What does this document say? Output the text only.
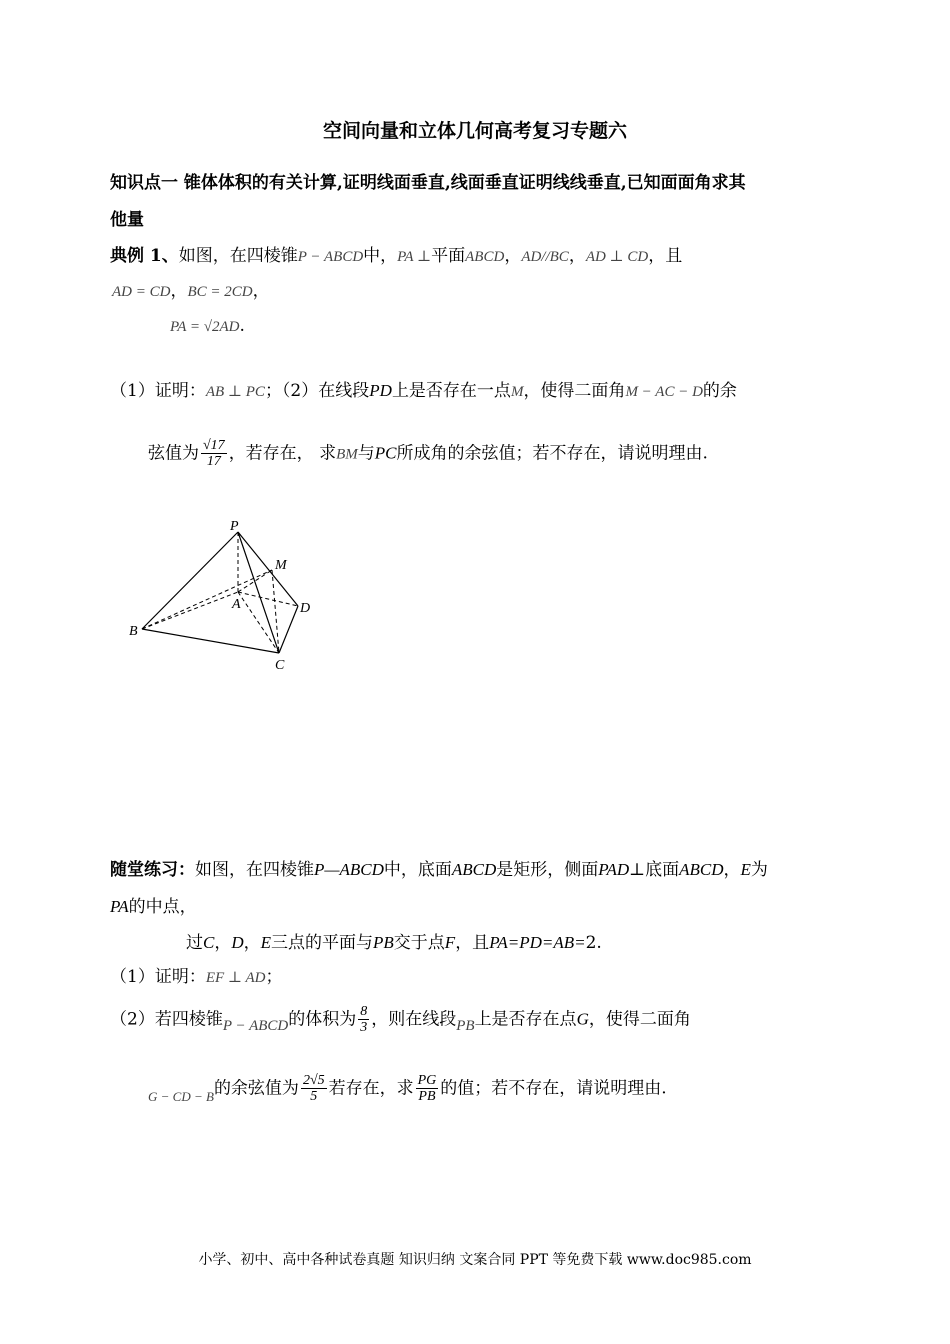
空间向量和立体几何高考复习专题六
知识点一 锥体体积的有关计算,证明线面垂直,线面垂直证明线线垂直,已知面面角求其
他量
典例 1、如图，在四棱锥P − ABCD中，PA ⊥平面ABCD，AD//BC，AD ⊥ CD，且
AD = CD，BC = 2CD，
PA = √2AD.
（1）证明：AB ⊥ PC；（2）在线段PD上是否存在一点M，使得二面角M − AC − D的余
弦值为 $\frac{√17}{17}$ ，若存在， 求BM与PC所成角的余弦值；若不存在，请说明理由.
P
M
A	D
B
C
随堂练习：如图，在四棱锥P—ABCD中，底面ABCD是矩形，侧面PAD⊥底面ABCD，E为
PA的中点，
过C，D，E三点的平面与PB交于点F，且PA=PD=AB=2.
（1）证明：EF ⊥ AD；
（2）若四棱锥P − ABCD的体积为 $\frac{8}{3}$ ，则在线段PB上是否存在点G，使得二面角
$_{G - CD - B}$的余弦值为 $\frac{2√5}{5}$ 若存在，求 $\frac{PG}{PB}$ 的值；若不存在，请说明理由.
小学、初中、高中各种试卷真题 知识归纳 文案合同 PPT 等免费下载 www.doc985.com
